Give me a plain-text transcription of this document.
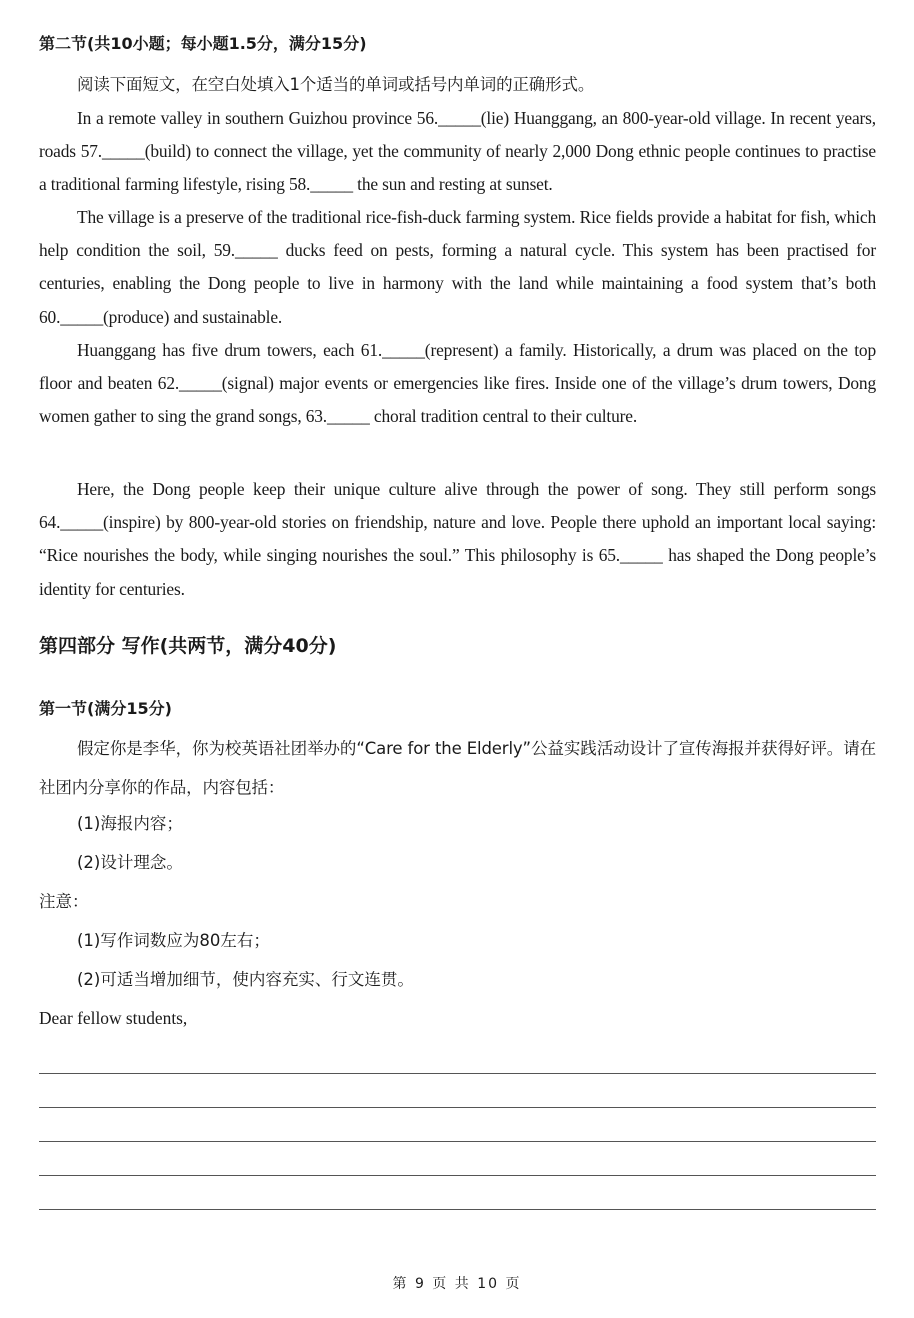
第二节(共10小题；每小题1.5分，满分15分)

阅读下面短文，在空白处填入1个适当的单词或括号内单词的正确形式。

In a remote valley in southern Guizhou province 56._____(lie) Huanggang, an 800-year-old village. In recent years, roads 57._____(build) to connect the village, yet the community of nearly 2,000 Dong ethnic people continues to practise a traditional farming lifestyle, rising 58._____ the sun and resting at sunset.

The village is a preserve of the traditional rice-fish-duck farming system. Rice fields provide a habitat for fish, which help condition the soil, 59._____ ducks feed on pests, forming a natural cycle. This system has been practised for centuries, enabling the Dong people to live in harmony with the land while maintaining a food system that’s both 60._____(produce) and sustainable.

Huanggang has five drum towers, each 61._____(represent) a family. Historically, a drum was placed on the top floor and beaten 62._____(signal) major events or emergencies like fires. Inside one of the village’s drum towers, Dong women gather to sing the grand songs, 63._____ choral tradition central to their culture.

Here, the Dong people keep their unique culture alive through the power of song. They still perform songs 64._____(inspire) by 800-year-old stories on friendship, nature and love. People there uphold an important local saying: “Rice nourishes the body, while singing nourishes the soul.” This philosophy is 65._____ has shaped the Dong people’s identity for centuries.

第四部分 写作(共两节，满分40分)

第一节(满分15分)

假定你是李华，你为校英语社团举办的“Care for the Elderly”公益实践活动设计了宣传海报并获得好评。请在社团内分享你的作品，内容包括：

(1)海报内容；

(2)设计理念。

注意：

(1)写作词数应为80左右；

(2)可适当增加细节，使内容充实、行文连贯。

Dear fellow students,

第 9 页 共 10 页
